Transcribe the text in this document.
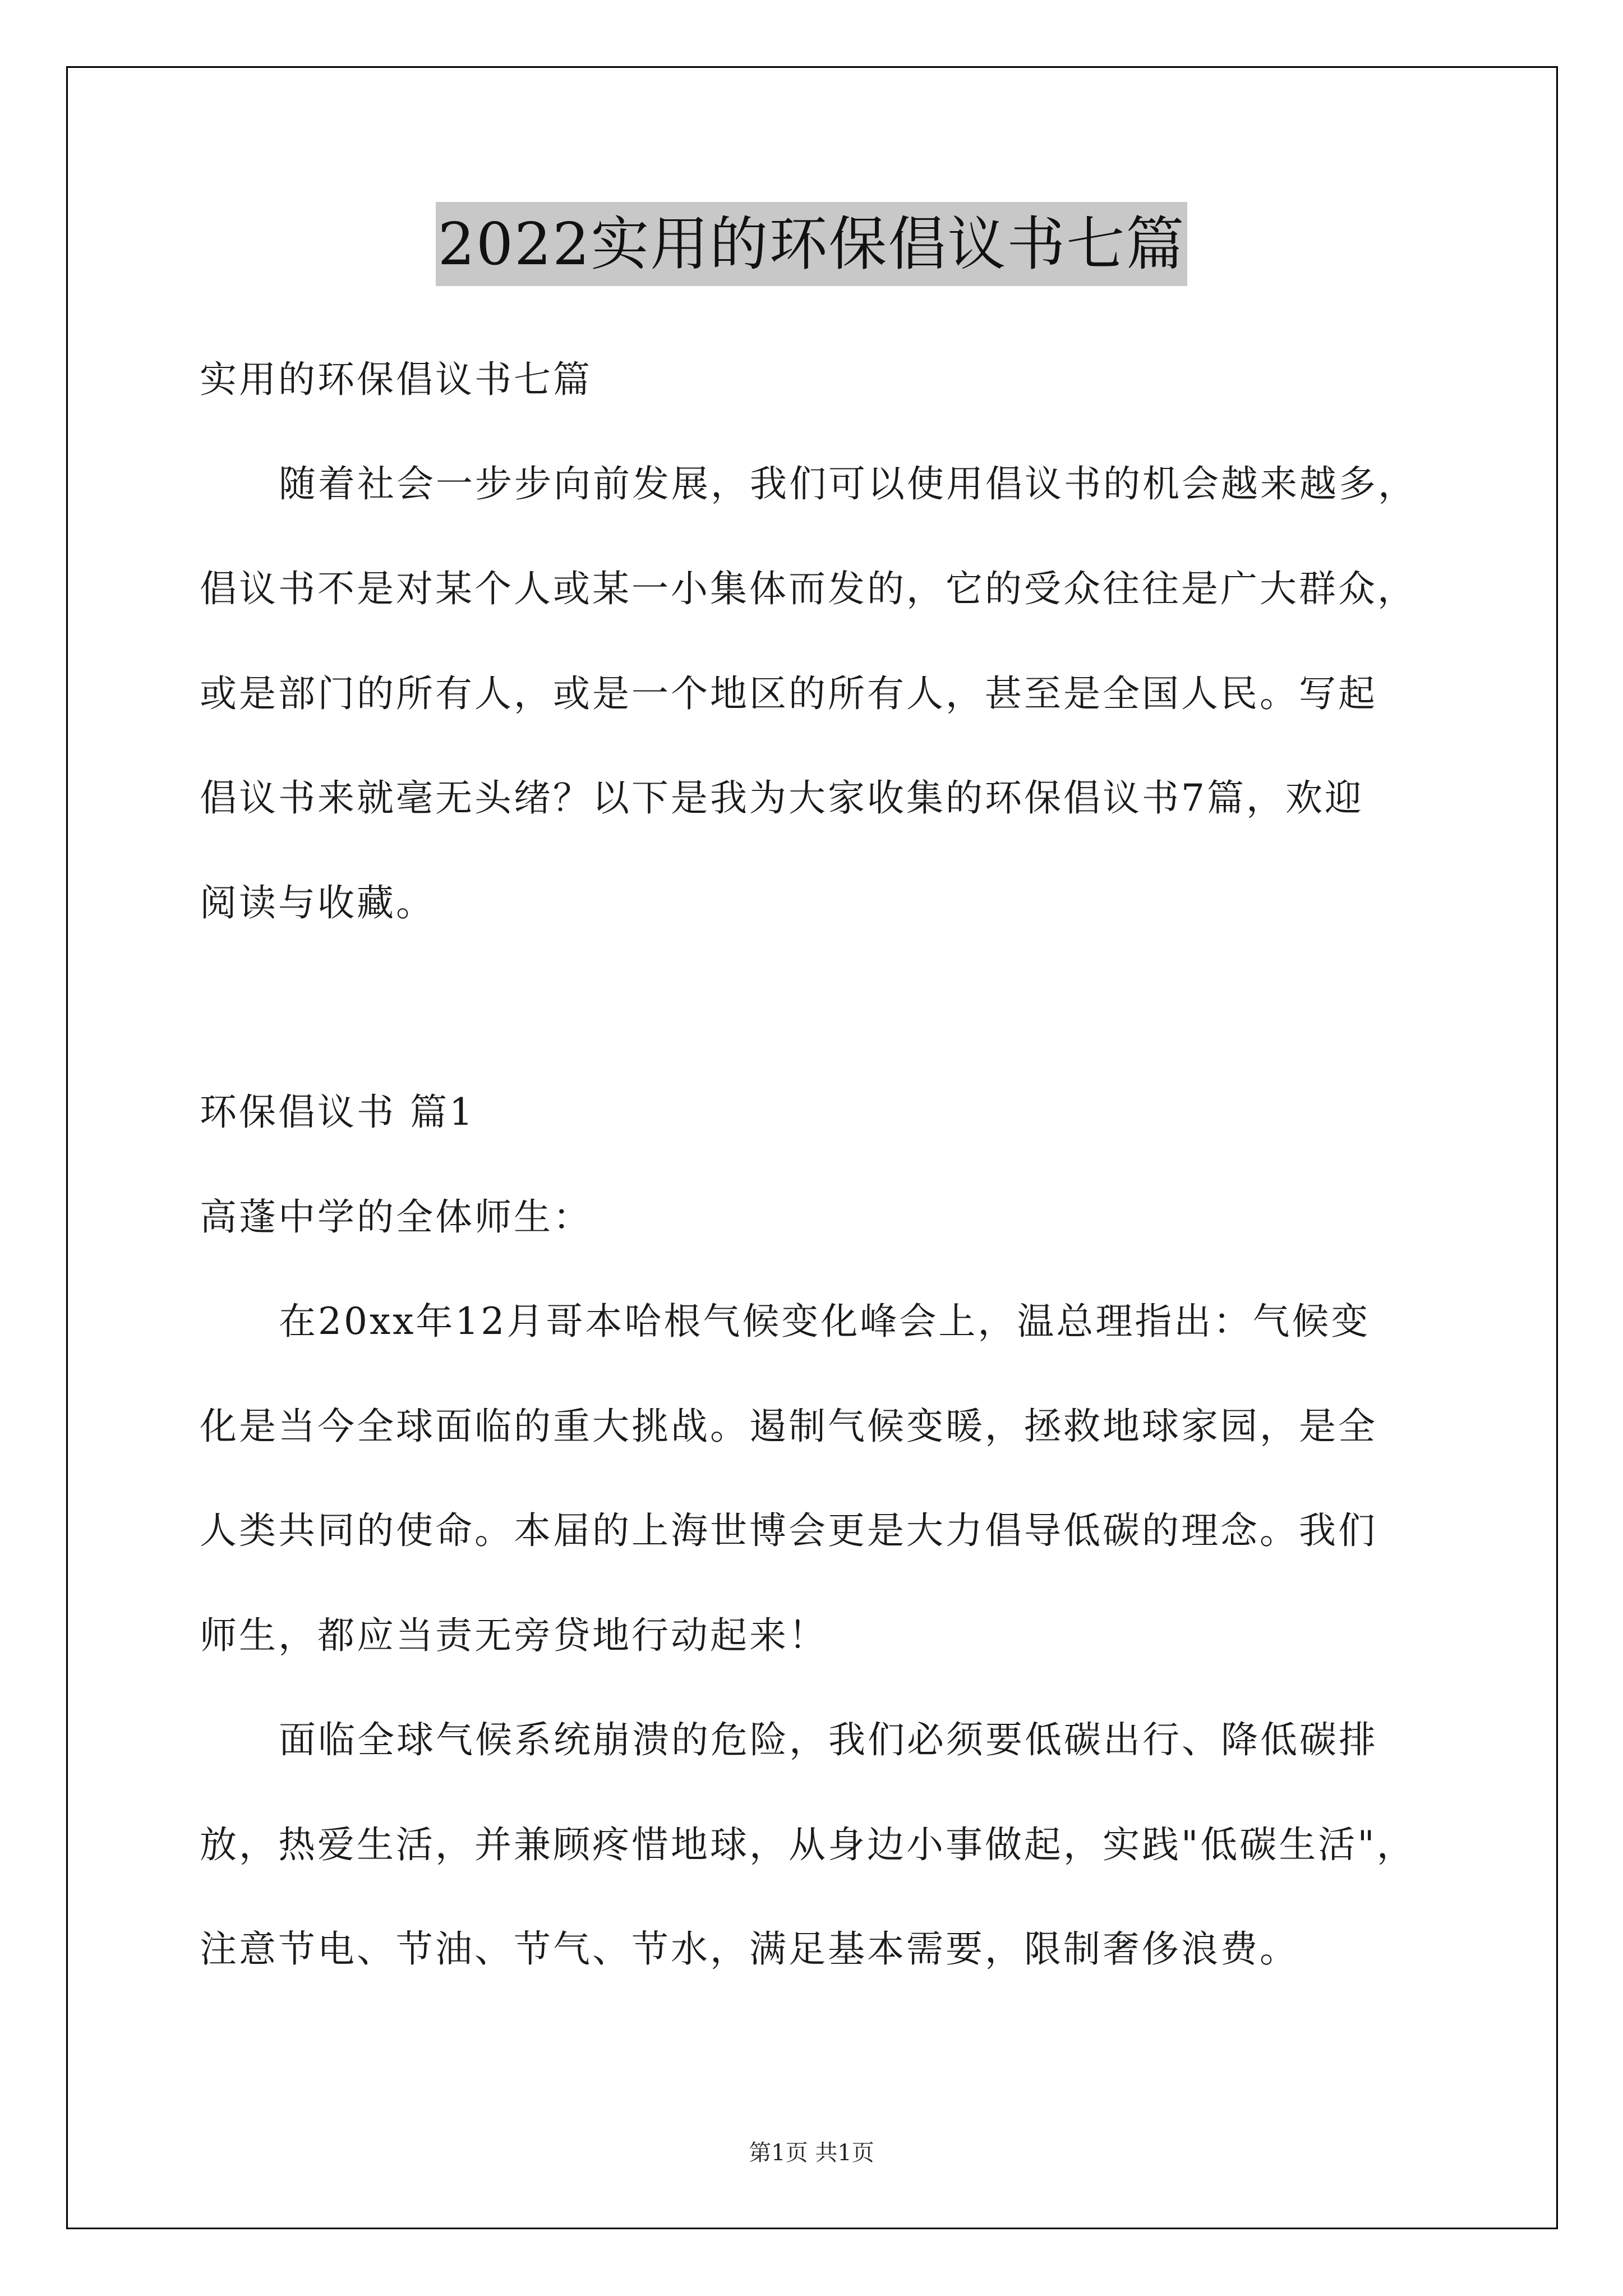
2022实用的环保倡议书七篇
实用的环保倡议书七篇
随着社会一步步向前发展，我们可以使用倡议书的机会越来越多，
倡议书不是对某个人或某一小集体而发的，它的受众往往是广大群众，
或是部门的所有人，或是一个地区的所有人，甚至是全国人民。写起
倡议书来就毫无头绪？以下是我为大家收集的环保倡议书7篇，欢迎
阅读与收藏。
环保倡议书 篇1
高蓬中学的全体师生：
在20xx年12月哥本哈根气候变化峰会上，温总理指出：气候变
化是当今全球面临的重大挑战。遏制气候变暖，拯救地球家园，是全
人类共同的使命。本届的上海世博会更是大力倡导低碳的理念。我们
师生，都应当责无旁贷地行动起来！
面临全球气候系统崩溃的危险，我们必须要低碳出行、降低碳排
放，热爱生活，并兼顾疼惜地球，从身边小事做起，实践"低碳生活"，
注意节电、节油、节气、节水，满足基本需要，限制奢侈浪费。
第1页 共1页
